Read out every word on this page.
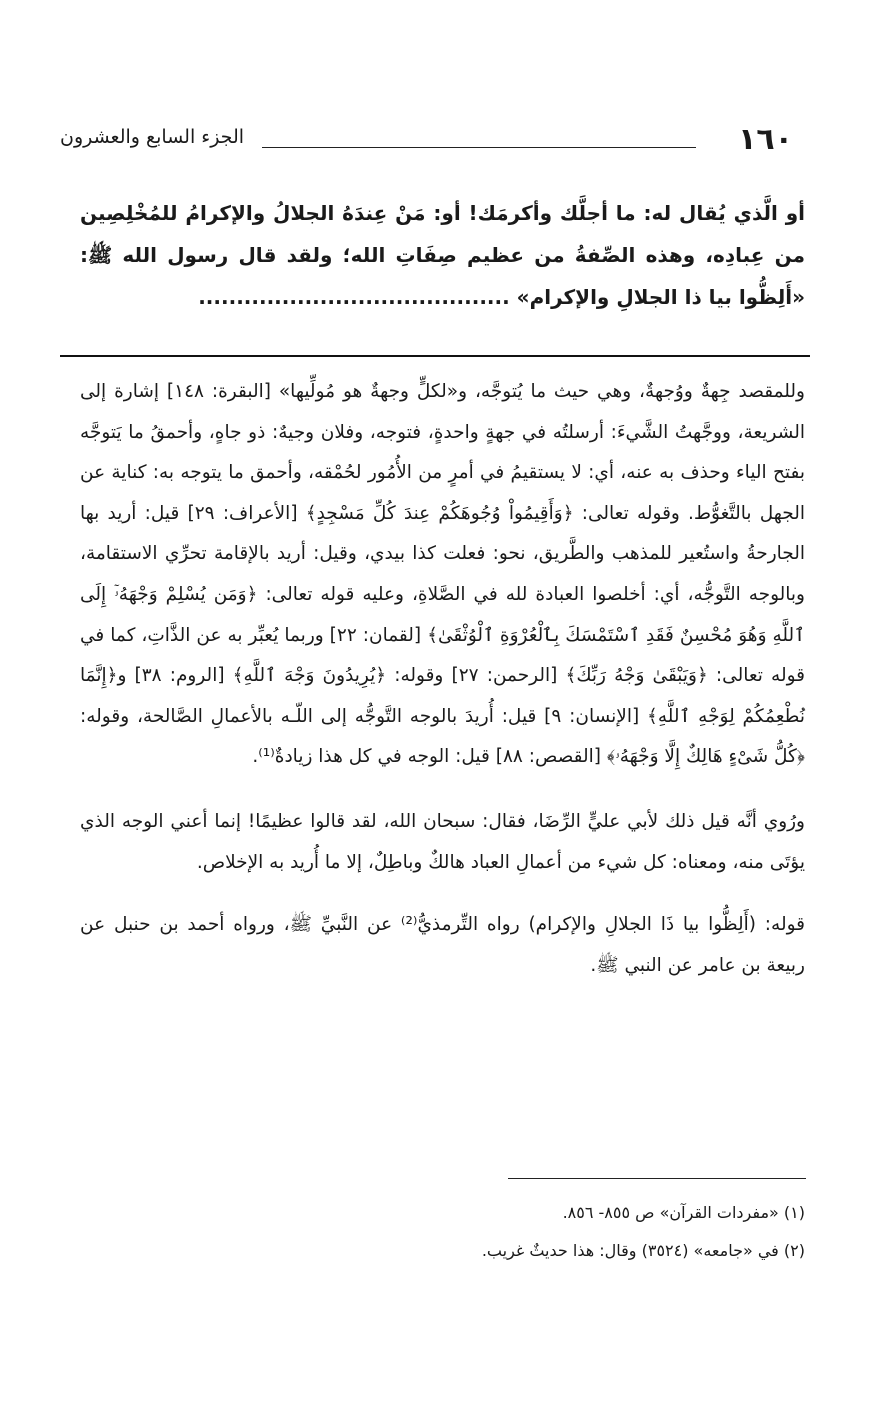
١٦٠
الجزء السابع والعشرون

أو الَّذي يُقال له: ما أجلَّك وأكرمَك! أو: مَنْ عِندَهُ الجلالُ والإكرامُ للمُخْلِصِين من عِبادِه، وهذه الصِّفةُ من عظيم صِفَاتِ الله؛ ولقد قال رسول الله ﷺ: «أَلِظُّوا بيا ذا الجلالِ والإكرام» .........................................

وللمقصد جِهةٌ ووُجهةٌ، وهي حيث ما يُتوجَّه، و«لكلٍّ وجهةٌ هو مُولِّيها» [البقرة: ١٤٨] إشارة إلى الشريعة، ووجَّهتُ الشَّيءَ: أرسلتُه في جهةٍ واحدةٍ، فتوجه، وفلان وجيهٌ: ذو جاهٍ، وأحمقُ ما يَتوجَّه بفتح الياء وحذف به عنه، أي: لا يستقيمُ في أمرٍ من الأُمُور لحُمْقه، وأحمق ما يتوجه به: كناية عن الجهل بالتَّغوُّط. وقوله تعالى: ﴿وَأَقِيمُواْ وُجُوهَكُمْ عِندَ كُلِّ مَسْجِدٍ﴾ [الأعراف: ٢٩] قيل: أريد بها الجارحةُ واستُعير للمذهب والطَّريق، نحو: فعلت كذا بيدي، وقيل: أريد بالإقامة تحرِّي الاستقامة، وبالوجه التَّوجُّه، أي: أخلصوا العبادة لله في الصَّلاةِ، وعليه قوله تعالى: ﴿وَمَن يُسْلِمْ وَجْهَهُۥٓ إِلَى ٱللَّهِ وَهُوَ مُحْسِنٌ فَقَدِ ٱسْتَمْسَكَ بِٱلْعُرْوَةِ ٱلْوُثْقَىٰ﴾ [لقمان: ٢٢] وربما يُعبِّر به عن الذَّاتِ، كما في قوله تعالى: ﴿وَيَبْقَىٰ وَجْهُ رَبِّكَ﴾ [الرحمن: ٢٧] وقوله: ﴿يُرِيدُونَ وَجْهَ ٱللَّهِ﴾ [الروم: ٣٨] و﴿إِنَّمَا نُطْعِمُكُمْ لِوَجْهِ ٱللَّهِ﴾ [الإنسان: ٩] قيل: أُريدَ بالوجه التَّوجُّه إلى اللّـه بالأعمالِ الصَّالحة، وقوله: ﴿كُلُّ شَىْءٍ هَالِكٌ إِلَّا وَجْهَهُۥ﴾ [القصص: ٨٨] قيل: الوجه في كل هذا زيادةٌ⁽¹⁾.

ورُوي أنَّه قيل ذلك لأبي عليٍّ الرِّضَا، فقال: سبحان الله، لقد قالوا عظيمًا! إنما أعني الوجه الذي يؤتَى منه، ومعناه: كل شيء من أعمالِ العباد هالكٌ وباطِلٌ، إلا ما أُريد به الإخلاص.

قوله: (أَلِظُّوا بيا ذَا الجلالِ والإكرام) رواه التِّرمذيُّ⁽²⁾ عن النَّبيِّ ﷺ، ورواه أحمد بن حنبل عن ربيعة بن عامر عن النبي ﷺ.

(١) «مفردات القرآن» ص ٨٥٥- ٨٥٦.

(٢) في «جامعه» (٣٥٢٤) وقال: هذا حديثٌ غريب.
